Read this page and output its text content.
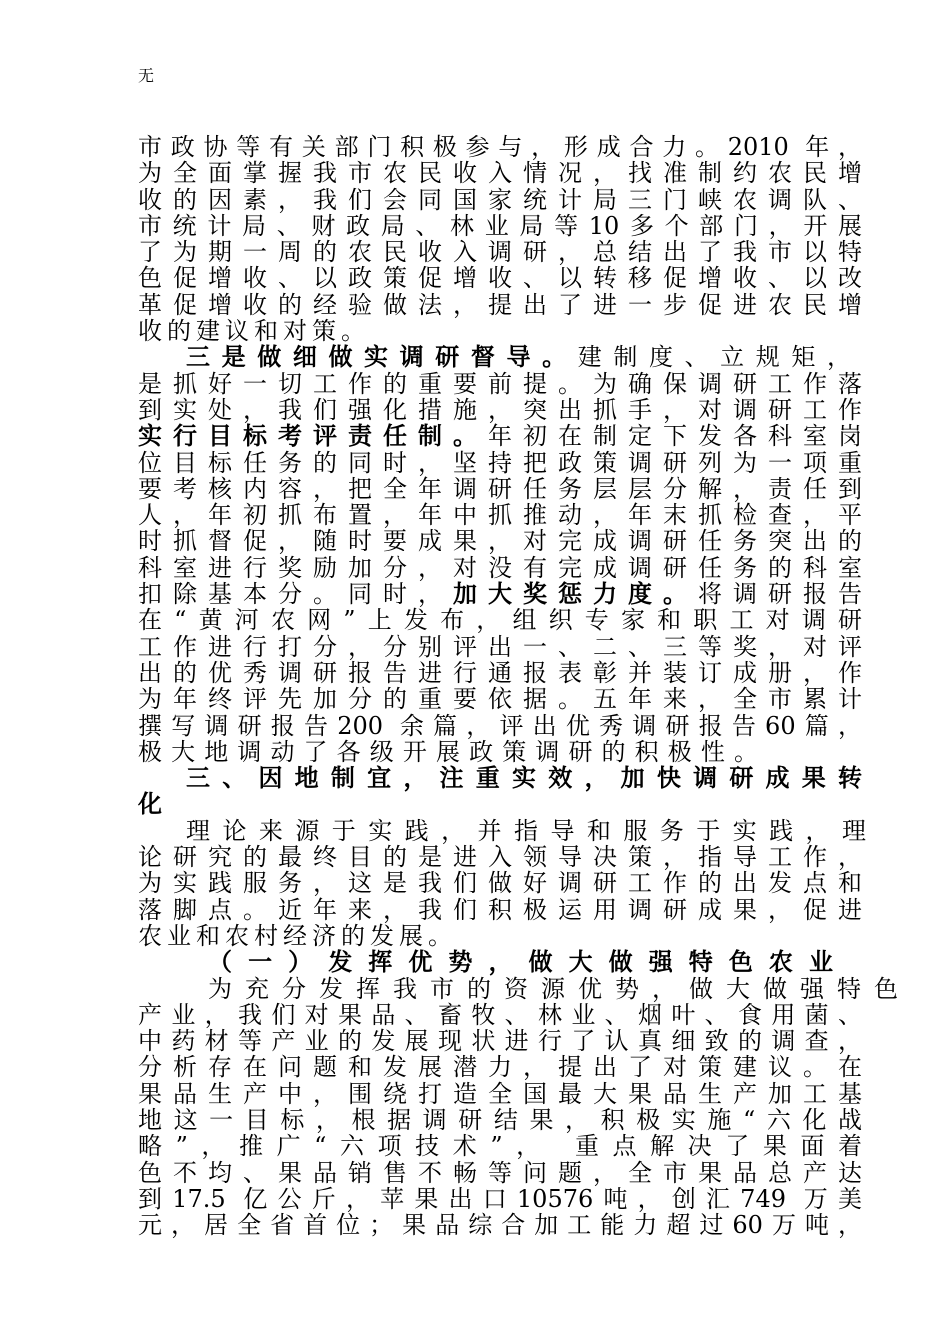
无
市政协等有关部门积极参与，形成合力。2010 年，
为全面掌握我市农民收入情况，找准制约农民增
收的因素，我们会同国家统计局三门峡农调队、
市统计局、财政局、林业局等10多个部门，开展
了为期一周的农民收入调研，总结出了我市以特
色促增收、以政策促增收、以转移促增收、以改
革促增收的经验做法，提出了进一步促进农民增
收的建议和对策。
三是做细做实调研督导。建制度、立规矩，
是抓好一切工作的重要前提。为确保调研工作落
到实处，我们强化措施，突出抓手，对调研工作
实行目标考评责任制。年初在制定下发各科室岗
位目标任务的同时，坚持把政策调研列为一项重
要考核内容，把全年调研任务层层分解，责任到
人，年初抓布置，年中抓推动，年末抓检查，平
时抓督促，随时要成果，对完成调研任务突出的
科室进行奖励加分，对没有完成调研任务的科室
扣除基本分。同时，加大奖惩力度。将调研报告
在“黄河农网”上发布，组织专家和职工对调研
工作进行打分，分别评出一、二、三等奖，对评
出的优秀调研报告进行通报表彰并装订成册，作
为年终评先加分的重要依据。五年来，全市累计
撰写调研报告200 余篇，评出优秀调研报告60篇，
极大地调动了各级开展政策调研的积极性。
三、因地制宜，注重实效，加快调研成果转
化
理论来源于实践，并指导和服务于实践，理
论研究的最终目的是进入领导决策，指导工作，
为实践服务，这是我们做好调研工作的出发点和
落脚点。近年来，我们积极运用调研成果，促进
农业和农村经济的发展。
（一）发挥优势，做大做强特色农业
为充分发挥我市的资源优势，做大做强特色
产业，我们对果品、畜牧、林业、烟叶、食用菌、
中药材等产业的发展现状进行了认真细致的调查，
分析存在问题和发展潜力，提出了对策建议。在
果品生产中，围绕打造全国最大果品生产加工基
地这一目标，根据调研结果，积极实施“六化战
略”，推广“六项技术”， 重点解决了果面着
色不均、果品销售不畅等问题，全市果品总产达
到17.5 亿公斤，苹果出口10576吨，创汇749 万美
元，居全省首位；果品综合加工能力超过60万吨，
